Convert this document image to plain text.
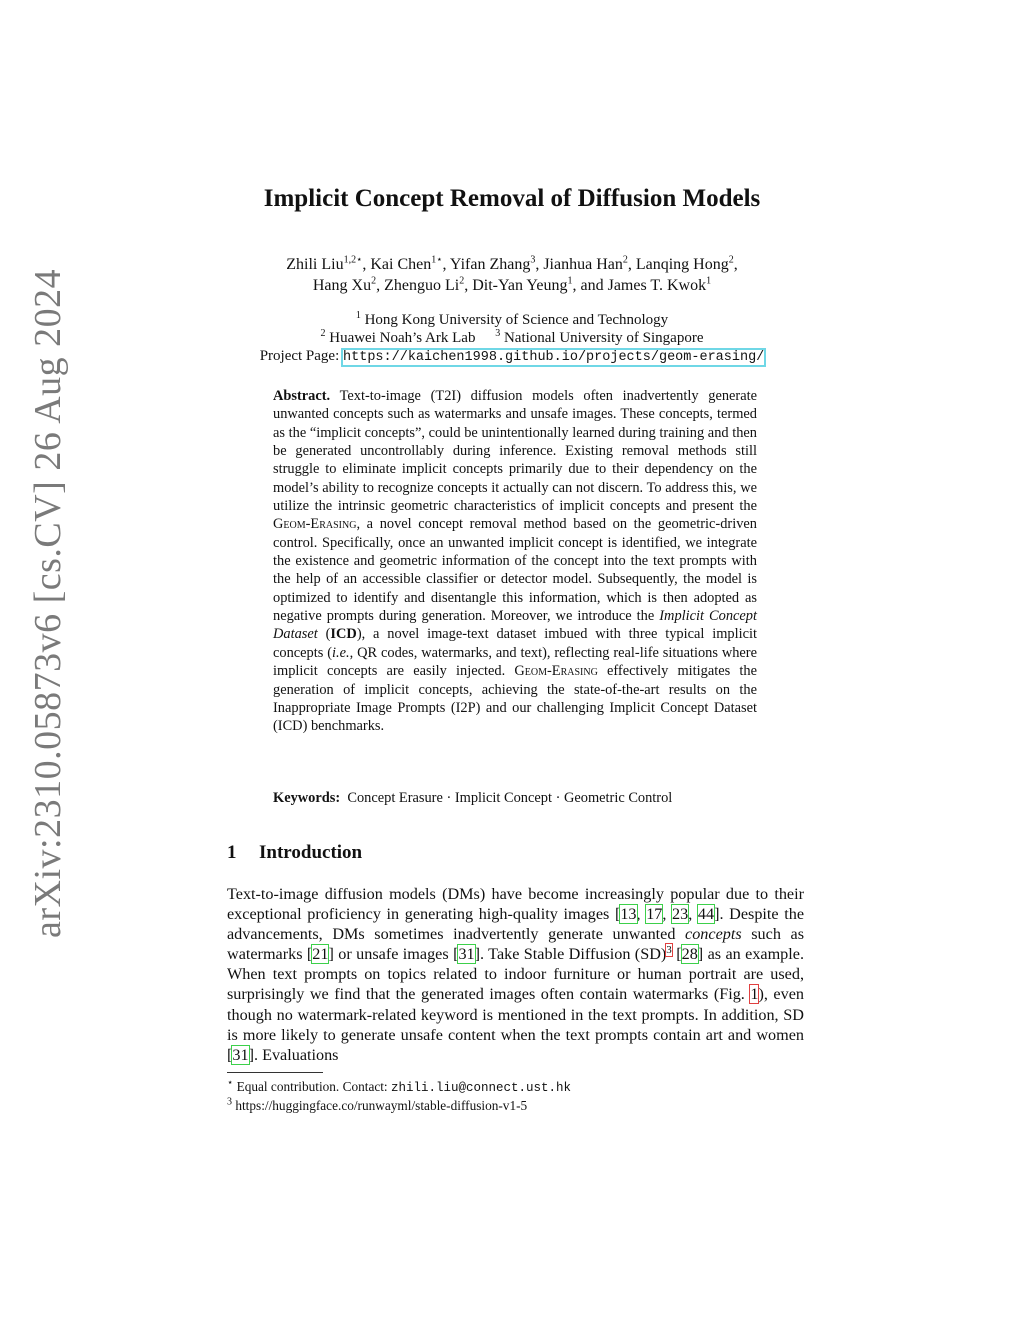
arXiv:2310.05873v6 [cs.CV] 26 Aug 2024
Implicit Concept Removal of Diffusion Models
Zhili Liu$^{1,2⋆}$, Kai Chen$^{1⋆}$, Yifan Zhang$^3$, Jianhua Han$^2$, Lanqing Hong$^2$,
Hang Xu$^2$, Zhenguo Li$^2$, Dit-Yan Yeung$^1$, and James T. Kwok$^1$
$^1$ Hong Kong University of Science and Technology
$^2$ Huawei Noah’s Ark Lab $^3$ National University of Singapore
Project Page: https://kaichen1998.github.io/projects/geom-erasing/
Abstract. Text-to-image (T2I) diffusion models often inadvertently generate unwanted concepts such as watermarks and unsafe images. These concepts, termed as the “implicit concepts”, could be unintentionally learned during training and then be generated uncontrollably during inference. Existing removal methods still struggle to eliminate implicit concepts primarily due to their dependency on the model’s ability to recognize concepts it actually can not discern. To address this, we utilize the intrinsic geometric characteristics of implicit concepts and present the Geom-Erasing, a novel concept removal method based on the geometric-driven control. Specifically, once an unwanted implicit concept is identified, we integrate the existence and geometric information of the concept into the text prompts with the help of an accessible classifier or detector model. Subsequently, the model is optimized to identify and disentangle this information, which is then adopted as negative prompts during generation. Moreover, we introduce the Implicit Concept Dataset (ICD), a novel image-text dataset imbued with three typical implicit concepts (i.e., QR codes, watermarks, and text), reflecting real-life situations where implicit concepts are easily injected. Geom-Erasing effectively mitigates the generation of implicit concepts, achieving the state-of-the-art results on the Inappropriate Image Prompts (I2P) and our challenging Implicit Concept Dataset (ICD) benchmarks.
Keywords: Concept Erasure · Implicit Concept · Geometric Control
1 Introduction
Text-to-image diffusion models (DMs) have become increasingly popular due to their exceptional proficiency in generating high-quality images [13, 17, 23, 44]. Despite the advancements, DMs sometimes inadvertently generate unwanted concepts such as watermarks [21] or unsafe images [31]. Take Stable Diffusion (SD)$^3$ [28] as an example. When text prompts on topics related to indoor furniture or human portrait are used, surprisingly we find that the generated images often contain watermarks (Fig. 1), even though no watermark-related keyword is mentioned in the text prompts. In addition, SD is more likely to generate unsafe content when the text prompts contain art and women [31]. Evaluations
⋆ Equal contribution. Contact: zhili.liu@connect.ust.hk
$^3$ https://huggingface.co/runwayml/stable-diffusion-v1-5
